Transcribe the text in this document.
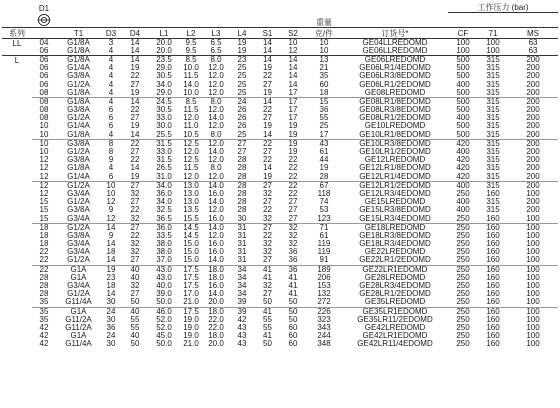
	D1												工作压力 (bar)		

										重量				
系列		T1	D3	D4	L1	L2	L3	L4	S1	S2	克/件	订货号*	CF	71	MS
LL	04	G1/8A	3	14	20.0	9.5	6.5	19	14	10	10	GE04LLREDOMD	100	100	63
	06	G1/8A	4	14	20.0	9.5	6.5	19	14	12	10	GE06LLREDOMD	100	100	63
L	06	G1/8A	4	14	23.5	8.5	8.0	23	14	14	13	GE06LREDOMD	500	315	200
	06	G1/4A	4	19	29.0	10.0	12.0	25	19	14	21	GE06LR1/4EDOMD	500	315	200
	06	G3/8A	4	22	30.5	11.5	12.0	25	22	14	35	GE06LR3/8EDOMD	500	315	200
	06	G1/2A	4	27	34.0	14.0	12.0	25	27	14	60	GE06LR1/2EDOMD	400	315	200
	08	G1/8A	4	19	29.0	10.0	12.0	25	19	17	18	GE08LREDOMD	500	315	200
	08	G1/8A	4	14	24.5	8.5	8.0	24	14	17	15	GE08LR1/8EDOMD	500	315	200
	08	G3/8A	6	22	30.5	11.5	12.0	26	22	17	36	GE08LR3/8EDOMD	500	315	200
	08	G1/2A	6	27	33.0	12.0	14.0	26	27	17	55	GE08LR1/2EDOMD	400	315	200
	10	G1/4A	6	19	30.0	11.0	12.0	26	19	19	25	GE10LREDOMD	500	315	200
	10	G1/8A	4	14	25.5	10.5	8.0	25	14	19	17	GE10LR1/8EDOMD	500	315	200
	10	G3/8A	8	22	31.5	12.5	12.0	27	22	19	43	GE10LR3/8EDOMD	420	315	200
	10	G1/2A	8	27	33.0	12.0	14.0	27	27	19	61	GE10LR1/2EDOMD	400	315	200
	12	G3/8A	9	22	31.5	12.5	12.0	28	22	22	44	GE12LREDOMD	420	315	200
	12	G1/8A	4	14	26.5	11.5	8.0	28	14	22	19	GE12LR1/8EDOMD	420	315	200
	12	G1/4A	6	19	31.0	12.0	12.0	28	19	22	28	GE12LR1/4EDOMD	420	315	200
	12	G1/2A	10	27	34.0	13.0	14.0	28	27	22	67	GE12LR1/2EDOMD	400	315	200
	12	G3/4A	10	32	36.0	13.0	16.0	28	32	22	118	GE12LR3/4EDOMD	250	160	100
	15	G1/2A	12	27	34.0	13.0	14.0	28	27	27	74	GE15LREDOMD	400	315	200
	15	G3/8A	9	22	32.5	13.5	12.0	28	22	27	53	GE15LR3/8EDOMD	400	315	200
	15	G3/4A	12	32	36.5	15.5	16.0	30	32	27	123	GE15LR3/4EDOMD	250	160	100
	18	G1/2A	14	27	36.0	14.5	14.0	31	27	32	71	GE18LREDOMD	250	160	100
	18	G3/8A	9	22	33.5	14.5	12.0	31	22	32	61	GE18LR3/8EDOMD	250	160	100
	18	G3/4A	14	32	38.0	15.0	16.0	31	32	32	119	GE18LR3/4EDOMD	250	160	100
	22	G3/4A	18	32	38.0	15.0	16.0	31	32	36	119	GE22LREDOMD	250	160	100
	22	G1/2A	14	27	37.0	15.0	14.0	31	27	36	91	GE22LR1/2EDOMD	250	160	100
	22	G1A	19	40	43.0	17.5	18.0	34	41	36	189	GE22LR1EDOMD	250	160	100
	28	G1A	23	40	43.0	17.5	18.0	34	41	41	206	GE28LREDOMD	250	160	100
	28	G3/4A	18	32	40.0	17.5	16.0	34	32	41	153	GE28LR3/4EDOMD	250	160	100
	28	G1/2A	14	27	39.0	17.0	14.0	34	27	41	132	GE28LR1/2EDOMD	250	160	100
	35	G11/4A	30	50	50.0	21.0	20.0	39	50	50	272	GE35LREDOMD	250	160	100
	35	G1A	24	40	46.0	17.5	18.0	39	41	50	226	GE35LR1EDOMD	250	160	100
	35	G11/2A	30	55	52.0	19.0	22.0	42	55	50	323	GE35LR11/2EDOMD	250	160	100
	42	G11/2A	36	55	52.0	19.0	22.0	43	55	60	343	GE42LREDOMD	250	160	100
	42	G1A	24	40	45.0	19.0	18.0	43	41	60	244	GE42LR1EDOMD	250	160	100
	42	G11/4A	30	50	50.0	21.0	20.0	43	50	60	348	GE42LR11/4EDOMD	250	160	100
